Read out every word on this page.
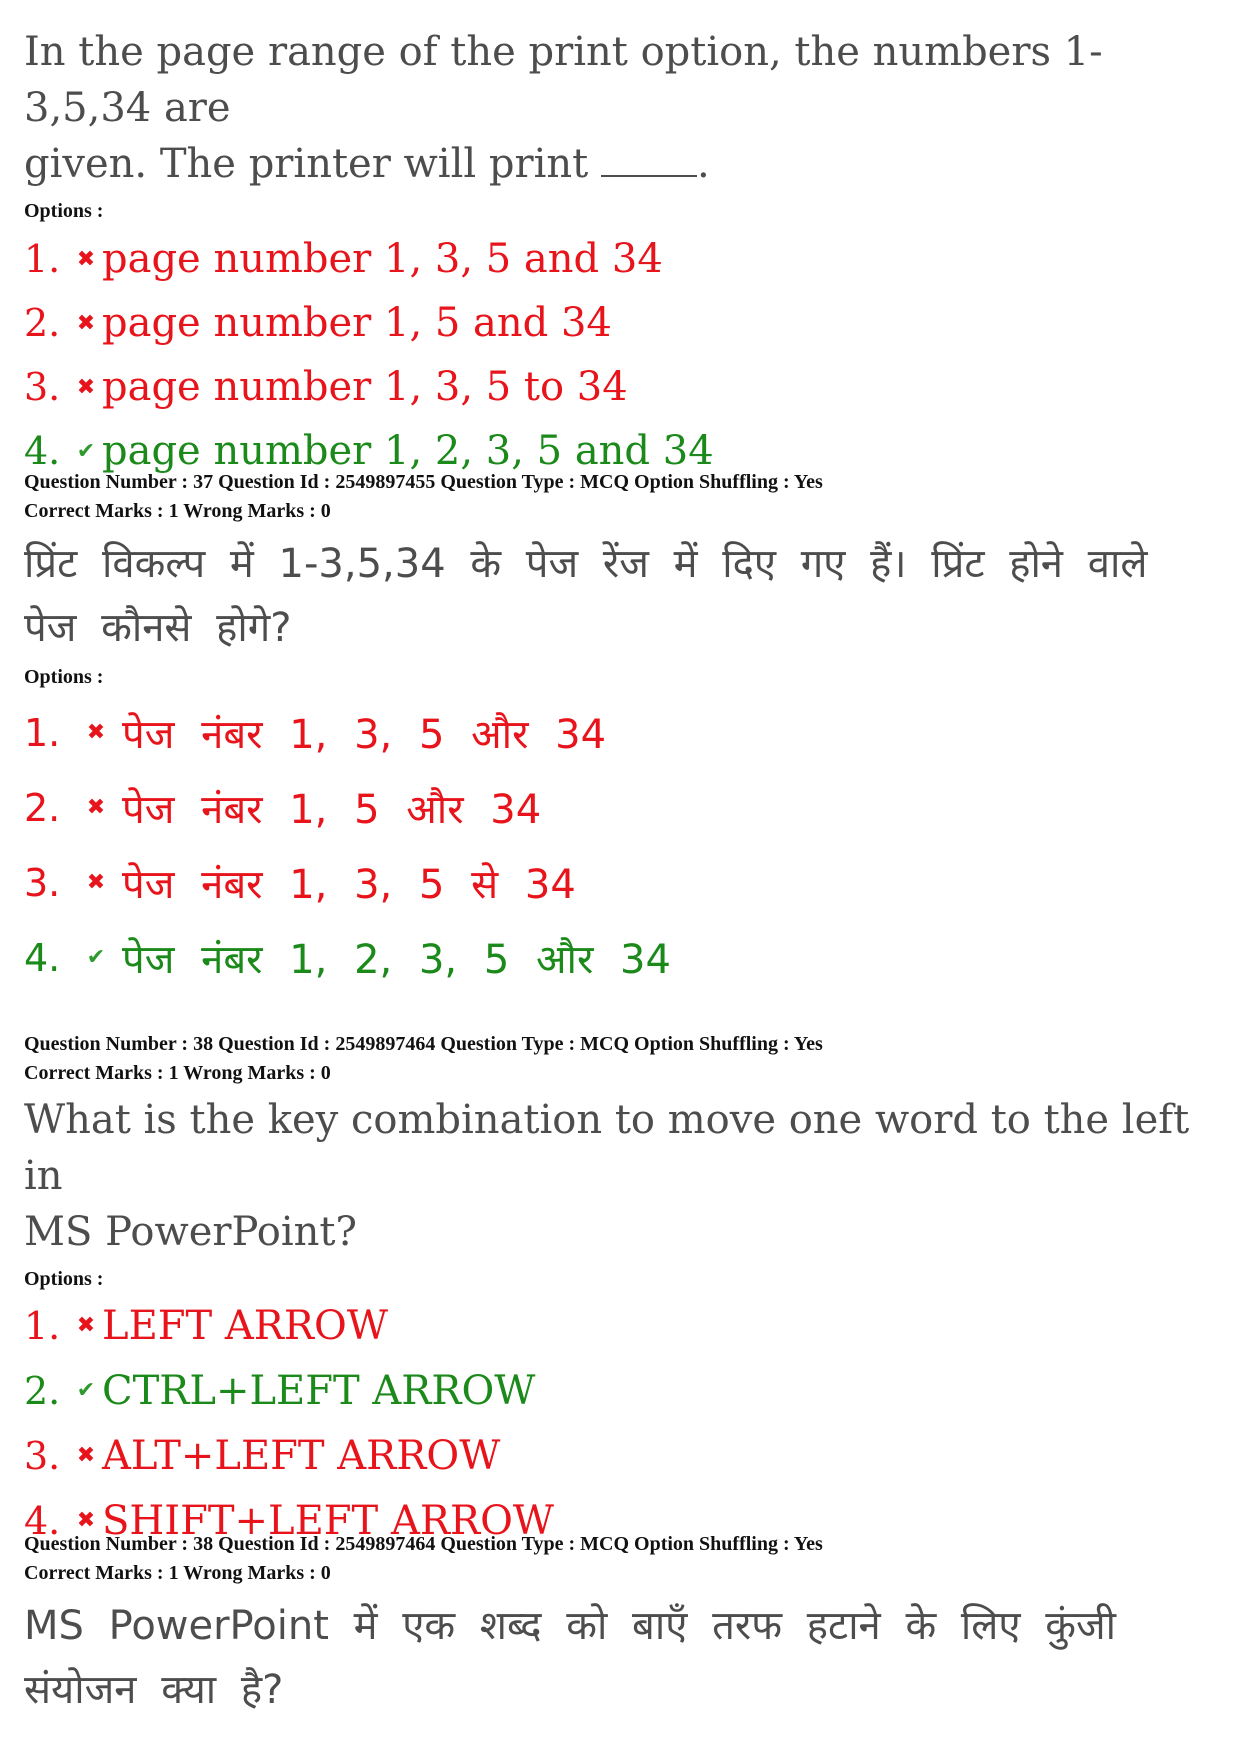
In the page range of the print option, the numbers 1-3,5,34 are

given. The printer will print .

Options :

1. ✖ page number 1, 3, 5 and 34
2. ✖ page number 1, 5 and 34
3. ✖ page number 1, 3, 5 to 34
4. ✔ page number 1, 2, 3, 5 and 34

Question Number : 37 Question Id : 2549897455 Question Type : MCQ Option Shuffling : Yes

Correct Marks : 1 Wrong Marks : 0

प्रिंट विकल्प में 1-3,5,34 के पेज रेंज में दिए गए हैं। प्रिंट होने वाले

पेज कौनसे होगे?

Options :

1.	✖ पेज नंबर 1, 3, 5 और 34
2.	✖ पेज नंबर 1, 5 और 34
3.	✖ पेज नंबर 1, 3, 5 से 34
4.	✔ पेज नंबर 1, 2, 3, 5 और 34

Question Number : 38 Question Id : 2549897464 Question Type : MCQ Option Shuffling : Yes

Correct Marks : 1 Wrong Marks : 0

What is the key combination to move one word to the left in

MS PowerPoint?

Options :

1. ✖ LEFT ARROW
2. ✔ CTRL+LEFT ARROW
3. ✖ ALT+LEFT ARROW
4. ✖ SHIFT+LEFT ARROW

Question Number : 38 Question Id : 2549897464 Question Type : MCQ Option Shuffling : Yes

Correct Marks : 1 Wrong Marks : 0

MS PowerPoint में एक शब्द को बाएँ तरफ हटाने के लिए कुंजी

संयोजन क्या है?
